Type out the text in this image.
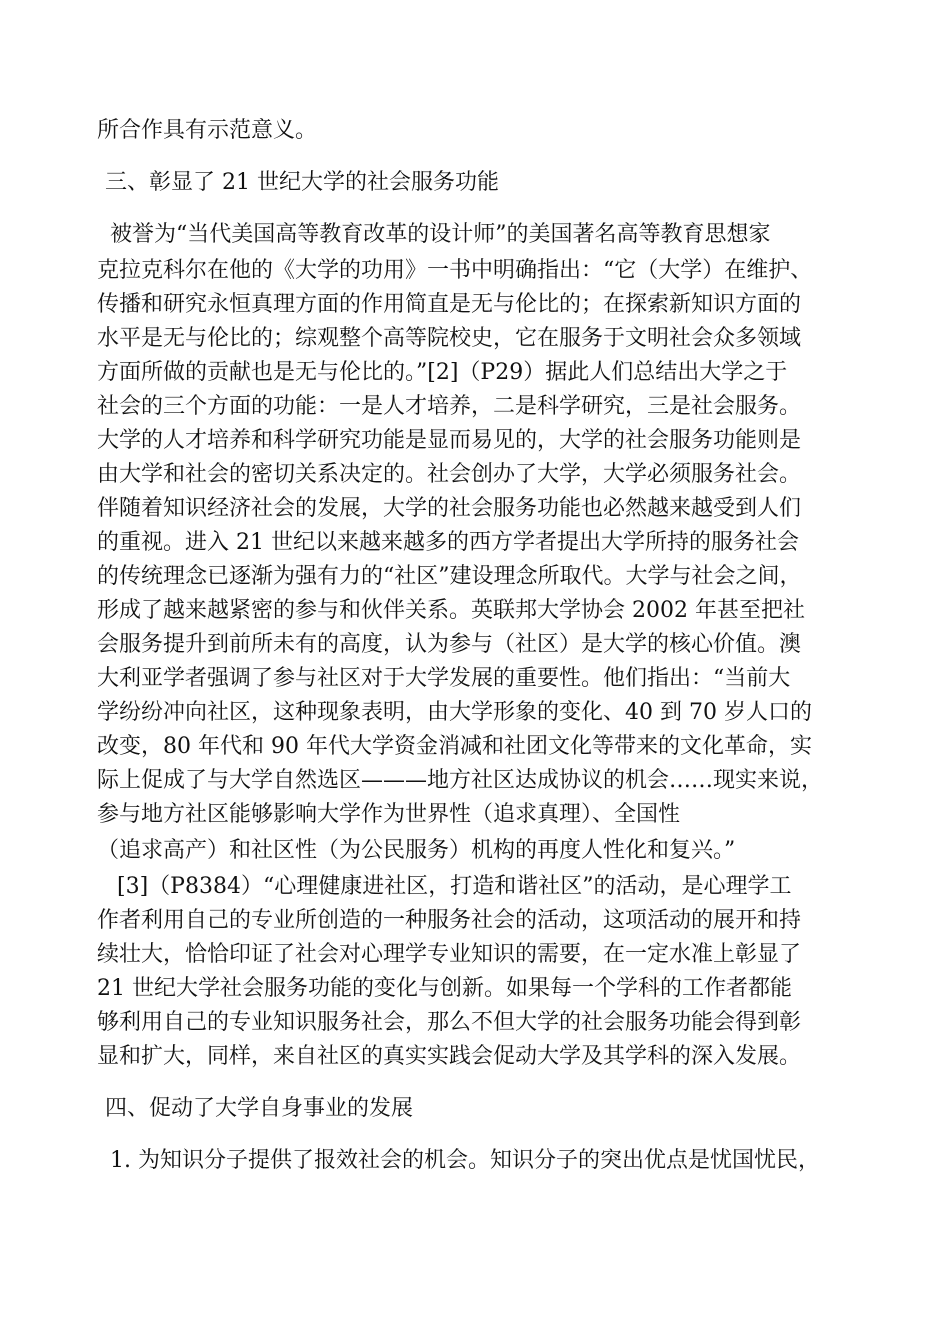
所合作具有示范意义。
三、彰显了 21 世纪大学的社会服务功能
被誉为“当代美国高等教育改革的设计师”的美国著名高等教育思想家
克拉克科尔在他的《大学的功用》一书中明确指出：“它（大学）在维护、
传播和研究永恒真理方面的作用简直是无与伦比的；在探索新知识方面的
水平是无与伦比的；综观整个高等院校史，它在服务于文明社会众多领域
方面所做的贡献也是无与伦比的。”[2]（P29）据此人们总结出大学之于
社会的三个方面的功能：一是人才培养，二是科学研究，三是社会服务。
大学的人才培养和科学研究功能是显而易见的，大学的社会服务功能则是
由大学和社会的密切关系决定的。社会创办了大学，大学必须服务社会。
伴随着知识经济社会的发展，大学的社会服务功能也必然越来越受到人们
的重视。进入 21 世纪以来越来越多的西方学者提出大学所持的服务社会
的传统理念已逐渐为强有力的“社区”建设理念所取代。大学与社会之间，
形成了越来越紧密的参与和伙伴关系。英联邦大学协会 2002 年甚至把社
会服务提升到前所未有的高度，认为参与（社区）是大学的核心价值。澳
大利亚学者强调了参与社区对于大学发展的重要性。他们指出：“当前大
学纷纷冲向社区，这种现象表明，由大学形象的变化、40 到 70 岁人口的
改变，80 年代和 90 年代大学资金消减和社团文化等带来的文化革命，实
际上促成了与大学自然选区———地方社区达成协议的机会……现实来说，
参与地方社区能够影响大学作为世界性（追求真理）、全国性
（追求高产）和社区性（为公民服务）机构的再度人性化和复兴。”
[3]（P8384）“心理健康进社区，打造和谐社区”的活动，是心理学工
作者利用自己的专业所创造的一种服务社会的活动，这项活动的展开和持
续壮大，恰恰印证了社会对心理学专业知识的需要，在一定水准上彰显了
21 世纪大学社会服务功能的变化与创新。如果每一个学科的工作者都能
够利用自己的专业知识服务社会，那么不但大学的社会服务功能会得到彰
显和扩大，同样，来自社区的真实实践会促动大学及其学科的深入发展。
四、促动了大学自身事业的发展
1. 为知识分子提供了报效社会的机会。知识分子的突出优点是忧国忧民，
